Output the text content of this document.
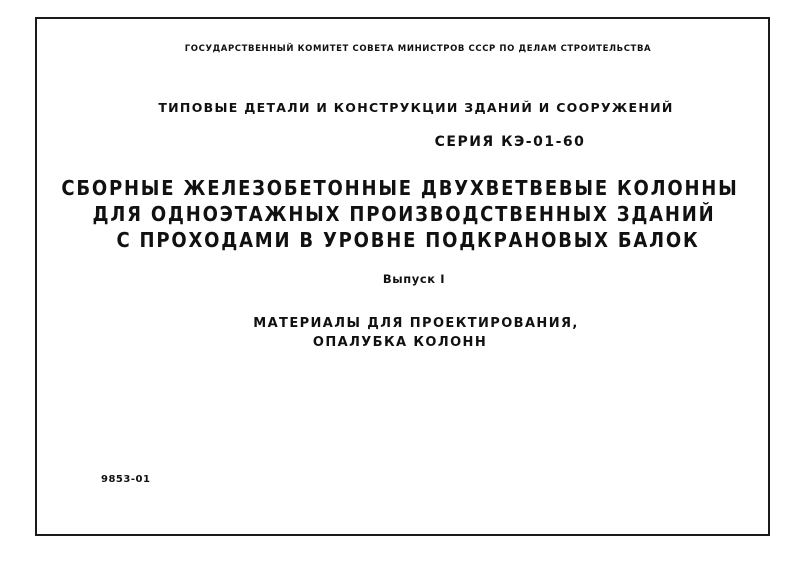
ГОСУДАРСТВЕННЫЙ КОМИТЕТ СОВЕТА МИНИСТРОВ СССР ПО ДЕЛАМ СТРОИТЕЛЬСТВА
ТИПОВЫЕ ДЕТАЛИ И КОНСТРУКЦИИ ЗДАНИЙ И СООРУЖЕНИЙ
СЕРИЯ КЭ-01-60
СБОРНЫЕ ЖЕЛЕЗОБЕТОННЫЕ ДВУХВЕТВЕВЫЕ КОЛОННЫ
ДЛЯ ОДНОЭТАЖНЫХ ПРОИЗВОДСТВЕННЫХ ЗДАНИЙ
С ПРОХОДАМИ В УРОВНЕ ПОДКРАНОВЫХ БАЛОК
Выпуск I
МАТЕРИАЛЫ ДЛЯ ПРОЕКТИРОВАНИЯ,
ОПАЛУБКА КОЛОНН
9853-01
